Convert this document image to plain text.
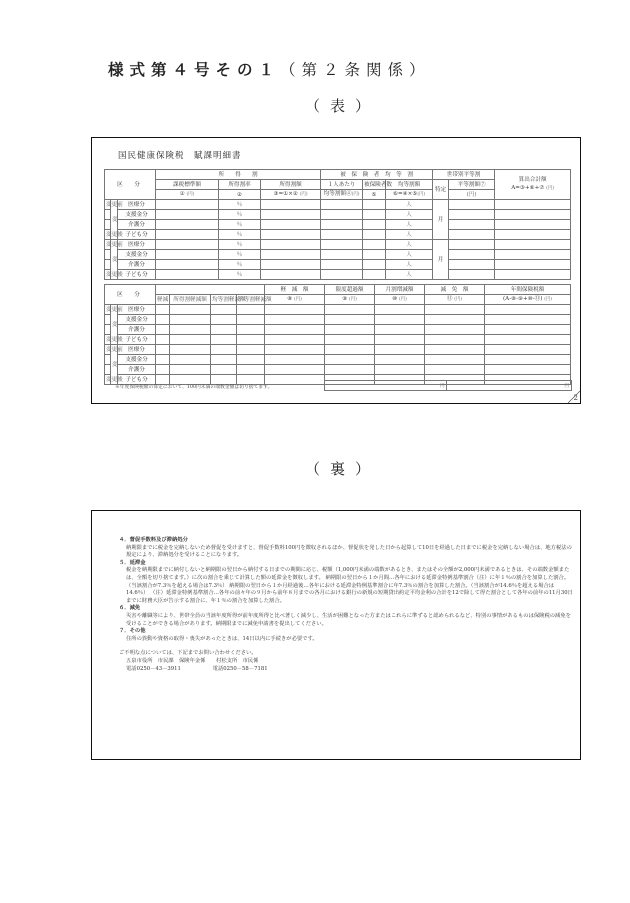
様式第４号その１（第２条関係）
（表）
国民健康保険税　賦課明細書
区　分			所　　得　　割			被　保　険　者　均　等　割			世帯別平等割		算出合計額
A=③+⑥+⑦ (円)

			課税標準額	所得割率	所得割額	１人あたり	被保険者数	均等割額	特定	平等割額⑦	
			① (円)	②	③=①×② (円)	均等割額④(円)	⑤	⑥=④×⑤(円)		(円)	
変更前	変	医療分		％				人	月		
		支援金分		％				人			
		介護分		％				人			
変更後		子ども分		％				人			
変更前	変	医療分		％				人	月		
		支援金分		％				人			
		介護分		％				人			
変更後		子ども分		％				人			
区　分							軽　減　額	限度超過額	月割増減額	減　免　額	年間保険税額
			軽減	所得割軽減額	均等割軽減額	平等割軽減額	⑧ (円)	⑨ (円)	⑩ (円)	⑪ (円)	(A-⑧-⑨+⑩-⑪) (円)
変更前	変	医療分									
		支援金分									
		介護分									
変更後		子ども分									
変更前	変	医療分									
		支援金分									
		介護分									
変更後		子ども分									
※年度保険税額の算定において、100円未満の端数金額は切り捨てます。	円	円
2
（裏）
４．督促手数料及び滞納処分
納期限までに税金を完納しないため督促を受けますと、督促手数料100円を徴収されるほか、督促状を発した日から起算して10日を経過した日までに税金を完納しない場合は、地方税法の規定により、滞納処分を受けることになります。
５．延滞金
税金を納期限までに納付しないと納期限の翌日から納付する日までの期間に応じ、税額（1,000円未満の端数があるとき、またはその全額が2,000円未満であるときは、その端数金額または、全額を切り捨てます。）に次の割合を乗じて計算した額の延滞金を徴収します。 納期限の翌日から１か月間…各年における延滞金特例基準割合（注）に年１％の割合を加算した割合。（当該割合が7.3％を超える場合は7.3％） 納期限の翌日から１か月経過後…各年における延滞金特例基準割合に年7.3％の割合を加算した割合。（当該割合が14.6％を超える場合は14.6％） （注）延滞金特例基準割合…各年の前々年の９月から前年８月までの各月における銀行の新規の短期貸出約定平均金利の合計を12で除して得た割合として各年の前年の11月30日までに財務大臣が告示する割合に、年１％の割合を加算した割合。
６．減免
災害や離職等により、世帯全員の当該年度所得が前年度所得と比べ著しく減少し、生活が困難となった方またはこれらに準ずると認められるなど、特別の事情があるものは保険税の減免を受けることができる場合があります。納期限までに減免申請書を提出してください。
７．その他
住所の異動や資格の取得・喪失があったときは、14日以内に手続きが必要です。
ご不明な点については、下記までお問い合わせください。
五泉市役所　市民課　保険年金係　　村松支所　市民係
電話0250－43－3911　　　　　　電話0250－58－7181
